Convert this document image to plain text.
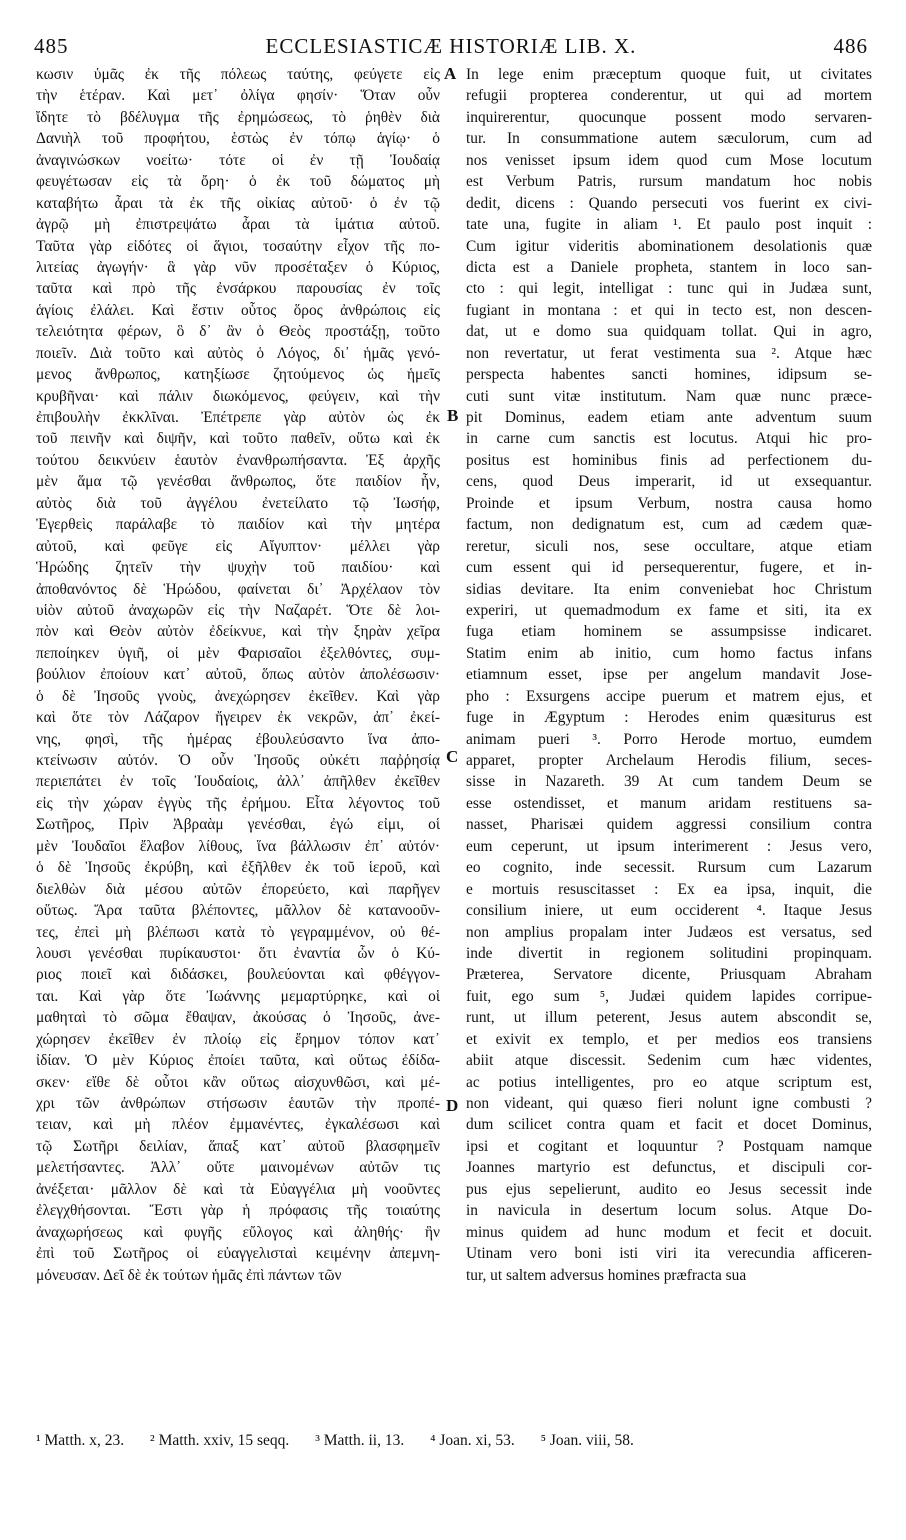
485	ECCLESIASTICÆ HISTORIÆ LIB. X.	486
κωσιν ὑμᾶς ἐκ τῆς πόλεως ταύτης, φεύγετε εἰς
τὴν ἑτέραν. Καὶ μετ᾽ ὀλίγα φησίν· Ὅταν οὖν
ἴδητε τὸ βδέλυγμα τῆς ἐρημώσεως, τὸ ῥηθὲν διὰ
Δανιὴλ τοῦ προφήτου, ἑστὼς ἐν τόπῳ ἁγίῳ· ὁ
ἀναγινώσκων νοείτω· τότε οἱ ἐν τῇ Ἰουδαίᾳ
φευγέτωσαν εἰς τὰ ὄρη· ὁ ἐκ τοῦ δώματος μὴ
καταβήτω ἆραι τὰ ἐκ τῆς οἰκίας αὐτοῦ· ὁ ἐν τῷ
ἀγρῷ μὴ ἐπιστρεψάτω ἆραι τὰ ἱμάτια αὐτοῦ.
Ταῦτα γὰρ εἰδότες οἱ ἅγιοι, τοσαύτην εἶχον τῆς πο-
λιτείας ἀγωγήν· ἃ γὰρ νῦν προσέταξεν ὁ Κύριος,
ταῦτα καὶ πρὸ τῆς ἐνσάρκου παρουσίας ἐν τοῖς
ἁγίοις ἐλάλει. Καὶ ἔστιν οὗτος ὅρος ἀνθρώποις εἰς
τελειότητα φέρων, ὃ δ᾽ ἂν ὁ Θεὸς προστάξῃ, τοῦτο
ποιεῖν. Διὰ τοῦτο καὶ αὐτὸς ὁ Λόγος, δι᾽ ἡμᾶς γενό-
μενος ἄνθρωπος, κατηξίωσε ζητούμενος ὡς ἡμεῖς
κρυβῆναι· καὶ πάλιν διωκόμενος, φεύγειν, καὶ τὴν
ἐπιβουλὴν ἐκκλῖναι. Ἐπέτρεπε γὰρ αὐτὸν ὡς ἐκ
τοῦ πεινῆν καὶ διψῆν, καὶ τοῦτο παθεῖν, οὕτω καὶ ἐκ
τούτου δεικνύειν ἑαυτὸν ἐνανθρωπήσαντα. Ἐξ ἀρχῆς
μὲν ἅμα τῷ γενέσθαι ἄνθρωπος, ὅτε παιδίον ἦν,
αὐτὸς διὰ τοῦ ἀγγέλου ἐνετείλατο τῷ Ἰωσήφ,
Ἐγερθεὶς παράλαβε τὸ παιδίον καὶ τὴν μητέρα
αὐτοῦ, καὶ φεῦγε εἰς Αἴγυπτον· μέλλει γὰρ
Ἡρώδης ζητεῖν τὴν ψυχὴν τοῦ παιδίου· καὶ
ἀποθανόντος δὲ Ἡρώδου, φαίνεται δι᾽ Ἀρχέλαον τὸν
υἱὸν αὐτοῦ ἀναχωρῶν εἰς τὴν Ναζαρέτ. Ὅτε δὲ λοι-
πὸν καὶ Θεὸν αὐτὸν ἐδείκνυε, καὶ τὴν ξηρὰν χεῖρα
πεποίηκεν ὑγιῆ, οἱ μὲν Φαρισαῖοι ἐξελθόντες, συμ-
βούλιον ἐποίουν κατ᾽ αὐτοῦ, ὅπως αὐτὸν ἀπολέσωσιν·
ὁ δὲ Ἰησοῦς γνοὺς, ἀνεχώρησεν ἐκεῖθεν. Καὶ γὰρ
καὶ ὅτε τὸν Λάζαρον ἤγειρεν ἐκ νεκρῶν, ἀπ᾽ ἐκεί-
νης, φησὶ, τῆς ἡμέρας ἐβουλεύσαντο ἵνα ἀπο-
κτείνωσιν αὐτόν. Ὁ οὖν Ἰησοῦς οὐκέτι παῤῥησίᾳ
περιεπάτει ἐν τοῖς Ἰουδαίοις, ἀλλ᾽ ἀπῆλθεν ἐκεῖθεν
εἰς τὴν χώραν ἐγγὺς τῆς ἐρήμου. Εἶτα λέγοντος τοῦ
Σωτῆρος, Πρὶν Ἀβραὰμ γενέσθαι, ἐγώ εἰμι, οἱ
μὲν Ἰουδαῖοι ἔλαβον λίθους, ἵνα βάλλωσιν ἐπ᾽ αὐτόν·
ὁ δὲ Ἰησοῦς ἐκρύβη, καὶ ἐξῆλθεν ἐκ τοῦ ἱεροῦ, καὶ
διελθὼν διὰ μέσου αὐτῶν ἐπορεύετο, καὶ παρῆγεν
οὕτως. Ἄρα ταῦτα βλέποντες, μᾶλλον δὲ κατανοοῦν-
τες, ἐπεὶ μὴ βλέπωσι κατὰ τὸ γεγραμμένον, οὐ θέ-
λουσι γενέσθαι πυρίκαυστοι· ὅτι ἐναντία ὧν ὁ Κύ-
ριος ποιεῖ καὶ διδάσκει, βουλεύονται καὶ φθέγγον-
ται. Καὶ γὰρ ὅτε Ἰωάννης μεμαρτύρηκε, καὶ οἱ
μαθηταὶ τὸ σῶμα ἔθαψαν, ἀκούσας ὁ Ἰησοῦς, ἀνε-
χώρησεν ἐκεῖθεν ἐν πλοίῳ εἰς ἔρημον τόπον κατ᾽
ἰδίαν. Ὁ μὲν Κύριος ἐποίει ταῦτα, καὶ οὕτως ἐδίδα-
σκεν· εἴθε δὲ οὗτοι κἂν οὕτως αἰσχυνθῶσι, καὶ μέ-
χρι τῶν ἀνθρώπων στήσωσιν ἑαυτῶν τὴν προπέ-
τειαν, καὶ μὴ πλέον ἐμμανέντες, ἐγκαλέσωσι καὶ
τῷ Σωτῆρι δειλίαν, ἅπαξ κατ᾽ αὐτοῦ βλασφημεῖν
μελετήσαντες. Ἀλλ᾽ οὔτε μαινομένων αὐτῶν τις
ἀνέξεται· μᾶλλον δὲ καὶ τὰ Εὐαγγέλια μὴ νοοῦντες
ἐλεγχθήσονται. Ἔστι γὰρ ἡ πρόφασις τῆς τοιαύτης
ἀναχωρήσεως καὶ φυγῆς εὔλογος καὶ ἀληθής· ἣν
ἐπὶ τοῦ Σωτῆρος οἱ εὐαγγελισταὶ κειμένην ἀπεμνη-
μόνευσαν. Δεῖ δὲ ἐκ τούτων ἡμᾶς ἐπὶ πάντων τῶν
In lege enim præceptum quoque fuit, ut civitates
refugii propterea conderentur, ut qui ad mortem
inquirerentur, quocunque possent modo servaren-
tur. In consummatione autem sæculorum, cum ad
nos venisset ipsum idem quod cum Mose locutum
est Verbum Patris, rursum mandatum hoc nobis
dedit, dicens : Quando persecuti vos fuerint ex civi-
tate una, fugite in aliam ¹. Et paulo post inquit :
Cum igitur videritis abominationem desolationis quæ
dicta est a Daniele propheta, stantem in loco san-
cto : qui legit, intelligat : tunc qui in Judæa sunt,
fugiant in montana : et qui in tecto est, non descen-
dat, ut e domo sua quidquam tollat. Qui in agro,
non revertatur, ut ferat vestimenta sua ². Atque hæc
perspecta habentes sancti homines, idipsum se-
cuti sunt vitæ institutum. Nam quæ nunc præce-
pit Dominus, eadem etiam ante adventum suum
in carne cum sanctis est locutus. Atqui hic pro-
positus est hominibus finis ad perfectionem du-
cens, quod Deus imperarit, id ut exsequantur.
Proinde et ipsum Verbum, nostra causa homo
factum, non dedignatum est, cum ad cædem quæ-
reretur, siculi nos, sese occultare, atque etiam
cum essent qui id persequerentur, fugere, et in-
sidias devitare. Ita enim conveniebat hoc Christum
experiri, ut quemadmodum ex fame et siti, ita ex
fuga etiam hominem se assumpsisse indicaret.
Statim enim ab initio, cum homo factus infans
etiamnum esset, ipse per angelum mandavit Jose-
pho : Exsurgens accipe puerum et matrem ejus, et
fuge in Ægyptum : Herodes enim quæsiturus est
animam pueri ³. Porro Herode mortuo, eumdem
apparet, propter Archelaum Herodis filium, seces-
sisse in Nazareth. 39 At cum tandem Deum se
esse ostendisset, et manum aridam restituens sa-
nasset, Pharisæi quidem aggressi consilium contra
eum ceperunt, ut ipsum interimerent : Jesus vero,
eo cognito, inde secessit. Rursum cum Lazarum
e mortuis resuscitasset : Ex ea ipsa, inquit, die
consilium iniere, ut eum occiderent ⁴. Itaque Jesus
non amplius propalam inter Judæos est versatus, sed
inde divertit in regionem solitudini propinquam.
Præterea, Servatore dicente, Priusquam Abraham
fuit, ego sum ⁵, Judæi quidem lapides corripue-
runt, ut illum peterent, Jesus autem abscondit se,
et exivit ex templo, et per medios eos transiens
abiit atque discessit. Sedenim cum hæc videntes,
ac potius intelligentes, pro eo atque scriptum est,
non videant, qui quæso fieri nolunt igne combusti ?
dum scilicet contra quam et facit et docet Dominus,
ipsi et cogitant et loquuntur ? Postquam namque
Joannes martyrio est defunctus, et discipuli cor-
pus ejus sepelierunt, audito eo Jesus secessit inde
in navicula in desertum locum solus. Atque Do-
minus quidem ad hunc modum et fecit et docuit.
Utinam vero boni isti viri ita verecundia afficeren-
tur, ut saltem adversus homines præfracta sua
A
B
C
D
¹ Matth. x, 23. ² Matth. xxiv, 15 seqq. ³ Matth. ii, 13. ⁴ Joan. xi, 53. ⁵ Joan. viii, 58.
